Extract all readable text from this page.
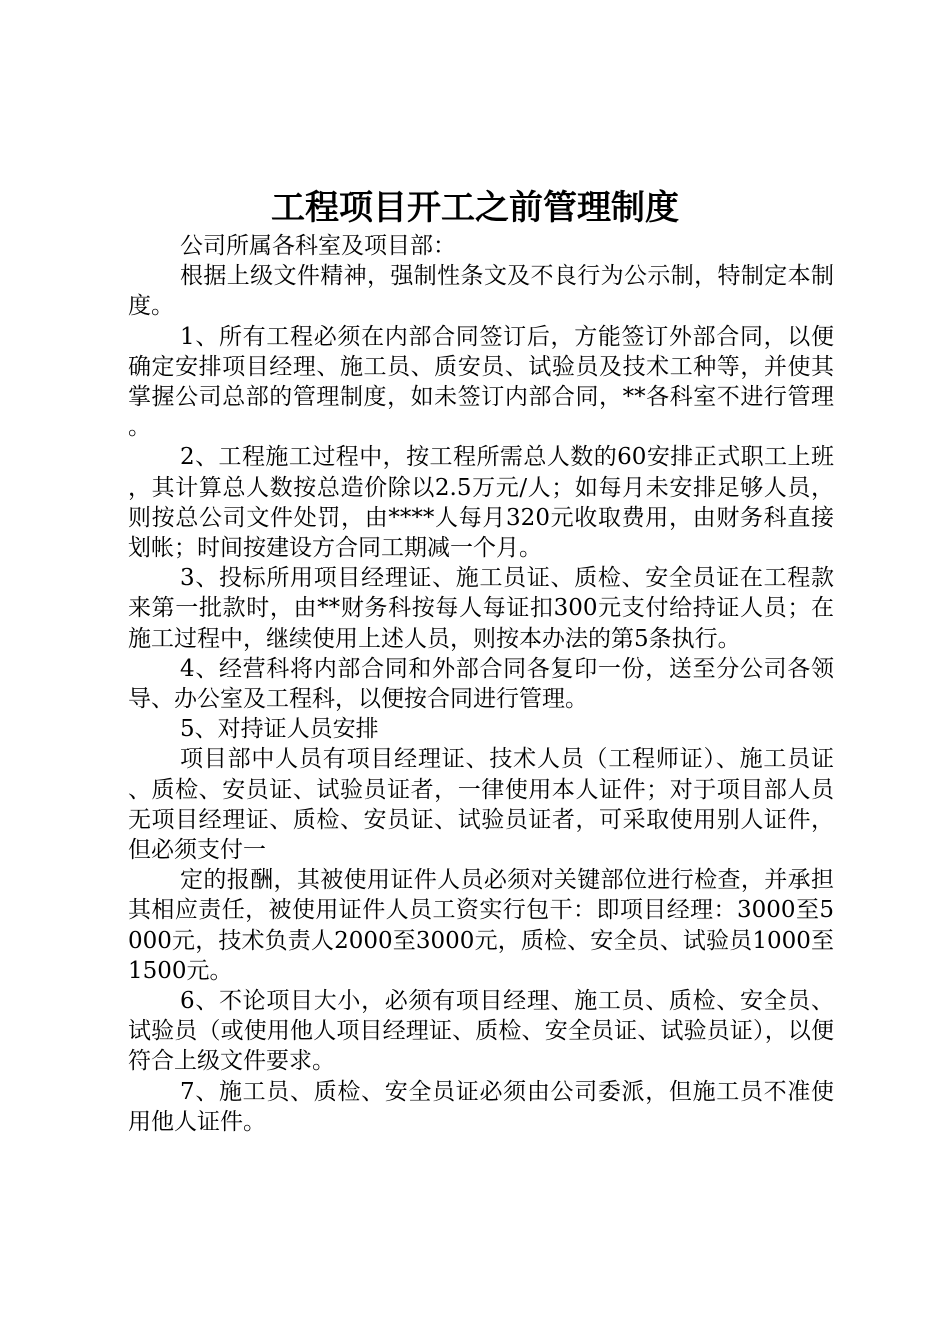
工程项目开工之前管理制度

公司所属各科室及项目部：

根据上级文件精神，强制性条文及不良行为公示制，特制定本制度。

1、所有工程必须在内部合同签订后，方能签订外部合同，以便确定安排项目经理、施工员、质安员、试验员及技术工种等，并使其掌握公司总部的管理制度，如未签订内部合同，**各科室不进行管理。

2、工程施工过程中，按工程所需总人数的60安排正式职工上班，其计算总人数按总造价除以2.5万元/人；如每月未安排足够人员，则按总公司文件处罚，由****人每月320元收取费用，由财务科直接划帐；时间按建设方合同工期减一个月。

3、投标所用项目经理证、施工员证、质检、安全员证在工程款来第一批款时，由**财务科按每人每证扣300元支付给持证人员；在施工过程中，继续使用上述人员，则按本办法的第5条执行。

4、经营科将内部合同和外部合同各复印一份，送至分公司各领导、办公室及工程科，以便按合同进行管理。

5、对持证人员安排

项目部中人员有项目经理证、技术人员（工程师证）、施工员证、质检、安员证、试验员证者，一律使用本人证件；对于项目部人员无项目经理证、质检、安员证、试验员证者，可采取使用别人证件，但必须支付一

定的报酬，其被使用证件人员必须对关键部位进行检查，并承担其相应责任，被使用证件人员工资实行包干：即项目经理：3000至5000元，技术负责人2000至3000元，质检、安全员、试验员1000至1500元。

6、不论项目大小，必须有项目经理、施工员、质检、安全员、试验员（或使用他人项目经理证、质检、安全员证、试验员证），以便符合上级文件要求。

7、施工员、质检、安全员证必须由公司委派，但施工员不准使用他人证件。
